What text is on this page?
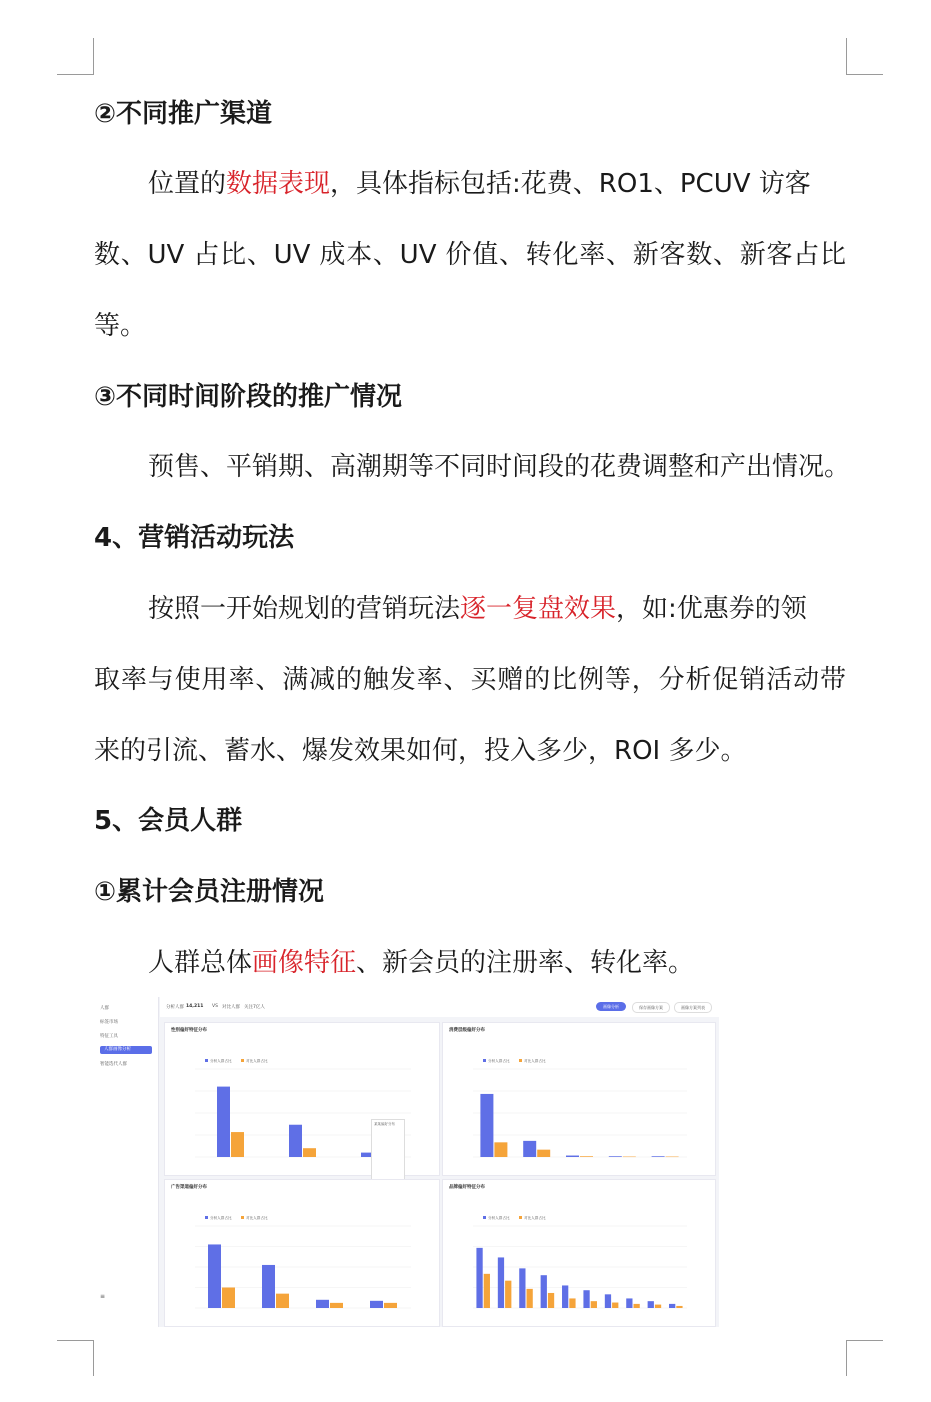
②不同推广渠道
位置的数据表现，具体指标包括:花费、RO1、PCUV 访客
数、UV 占比、UV 成本、UV 价值、转化率、新客数、新客占比
等。
③不同时间阶段的推广情况
预售、平销期、高潮期等不同时间段的花费调整和产出情况。
4、营销活动玩法
按照一开始规划的营销玩法逐一复盘效果，如:优惠券的领
取率与使用率、满减的触发率、买赠的比例等，分析促销活动带
来的引流、蓄水、爆发效果如何，投入多少，ROI 多少。
5、会员人群
①累计会员注册情况
人群总体画像特征、新会员的注册率、转化率。
人群
标签市场
特征工具
人群画像分析
智能选代人群
≡
分析人群 14,211 VS 对比人群 关注7亿人	画像分析	保存画像方案	画像方案列表
性别偏好特征分布
分析人群占比	对比人群占比
某某偏好分布
消费层级偏好分布
分析人群占比	对比人群占比
广告渠道偏好分布
分析人群占比	对比人群占比
品牌偏好特征分布
分析人群占比	对比人群占比
